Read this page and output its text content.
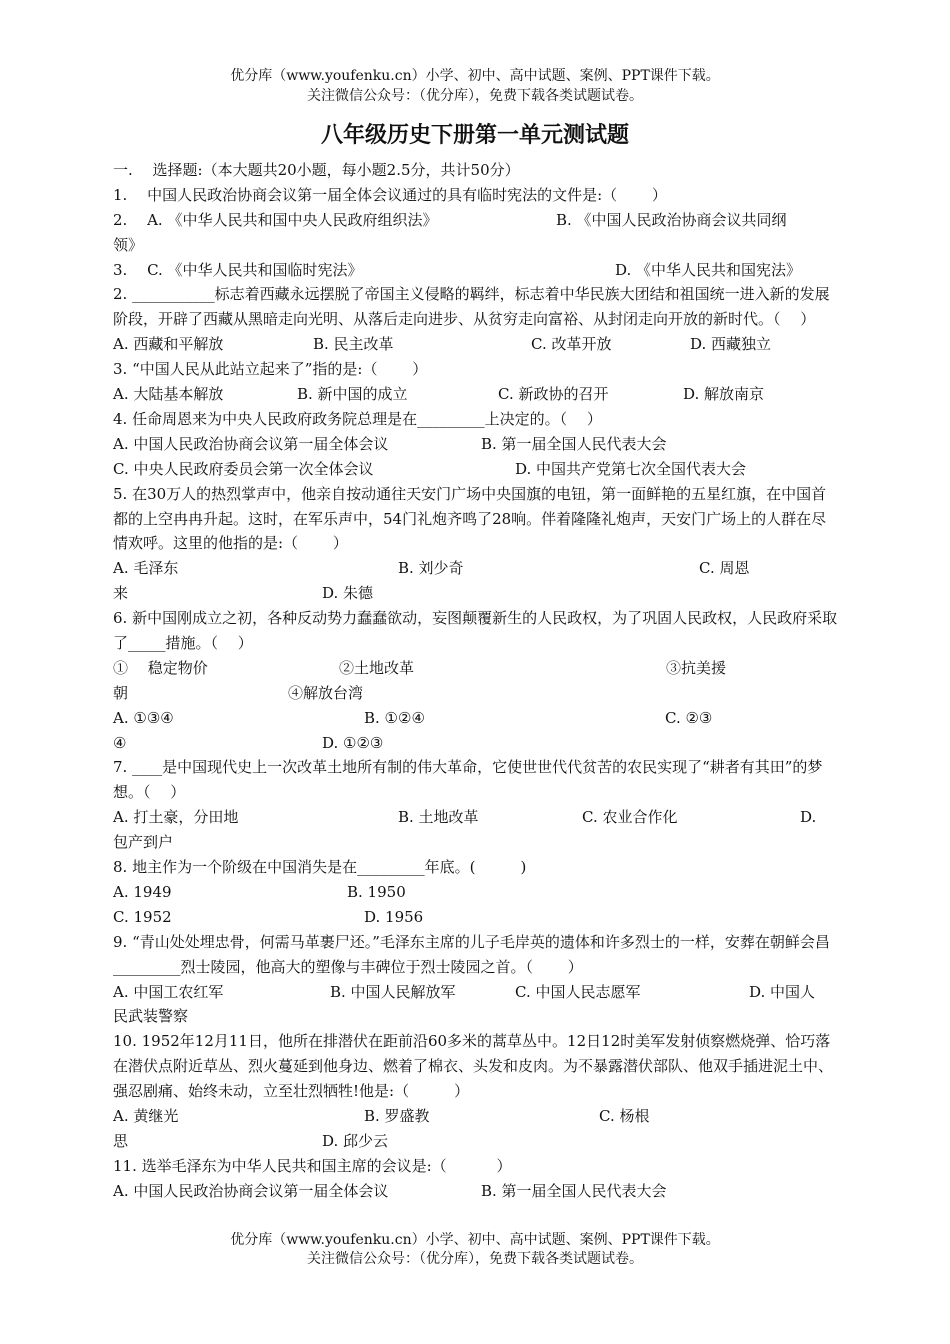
优分库（www.youfenku.cn）小学、初中、高中试题、案例、PPT课件下载。
关注微信公众号：（优分库），免费下载各类试题试卷。
八年级历史下册第一单元测试题
一.　 选择题:（本大题共20小题，每小题2.5分，共计50分）
1.　 中国人民政治协商会议第一届全体会议通过的具有临时宪法的文件是:（　　 ）
2.　 A. 《中华人民共和国中央人民政府组织法》	B. 《中国人民政治协商会议共同纲
领》
3.　 C. 《中华人民共和国临时宪法》	D. 《中华人民共和国宪法》
2. ___________标志着西藏永远摆脱了帝国主义侵略的羁绊，标志着中华民族大团结和祖国统一进入新的发展阶段，开辟了西藏从黑暗走向光明、从落后走向进步、从贫穷走向富裕、从封闭走向开放的新时代。（　 ）
A. 西藏和平解放	B. 民主改革	C. 改革开放	D. 西藏独立
3. “中国人民从此站立起来了”指的是:（　　 ）
A. 大陆基本解放	B. 新中国的成立	C. 新政协的召开	D. 解放南京
4. 任命周恩来为中央人民政府政务院总理是在_________上决定的。（　 ）
A. 中国人民政治协商会议第一届全体会议	B. 第一届全国人民代表大会
C. 中央人民政府委员会第一次全体会议	D. 中国共产党第七次全国代表大会
5. 在30万人的热烈掌声中，他亲自按动通往天安门广场中央国旗的电钮，第一面鲜艳的五星红旗，在中国首都的上空冉冉升起。这时，在军乐声中，54门礼炮齐鸣了28响。伴着隆隆礼炮声，天安门广场上的人群在尽情欢呼。这里的他指的是:（　　 ）
A. 毛泽东	B. 刘少奇	C. 周恩
来	D. 朱德
6. 新中国刚成立之初，各种反动势力蠢蠢欲动，妄图颠覆新生的人民政权，为了巩固人民政权，人民政府采取了_____措施。（　 ）
①　 稳定物价	②土地改革	③抗美援
朝	④解放台湾
A. ①③④	B. ①②④	C. ②③
④	D. ①②③
7. ____是中国现代史上一次改革土地所有制的伟大革命，它使世世代代贫苦的农民实现了“耕者有其田”的梦想。（　 ）
A. 打土豪，分田地	B. 土地改革	C. 农业合作化	D.
包产到户
8. 地主作为一个阶级在中国消失是在_________年底。(　　　)
A. 1949	B. 1950
C. 1952	D. 1956
9. “青山处处埋忠骨，何需马革裹尸还。”毛泽东主席的儿子毛岸英的遗体和许多烈士的一样，安葬在朝鲜会昌_________烈士陵园，他高大的塑像与丰碑位于烈士陵园之首。（　　 ）
A. 中国工农红军	B. 中国人民解放军	C. 中国人民志愿军	D. 中国人
民武装警察
10. 1952年12月11日，他所在排潜伏在距前沿60多米的蒿草丛中。12日12时美军发射侦察燃烧弹、恰巧落在潜伏点附近草丛、烈火蔓延到他身边、燃着了棉衣、头发和皮肉。为不暴露潜伏部队、他双手插进泥土中、强忍剧痛、始终未动，立至壮烈牺牲!他是:（　　　）
A. 黄继光	B. 罗盛教	C. 杨根
思	D. 邱少云
11. 选举毛泽东为中华人民共和国主席的会议是:（　　　 ）
A. 中国人民政治协商会议第一届全体会议	B. 第一届全国人民代表大会
优分库（www.youfenku.cn）小学、初中、高中试题、案例、PPT课件下载。
关注微信公众号：（优分库），免费下载各类试题试卷。
